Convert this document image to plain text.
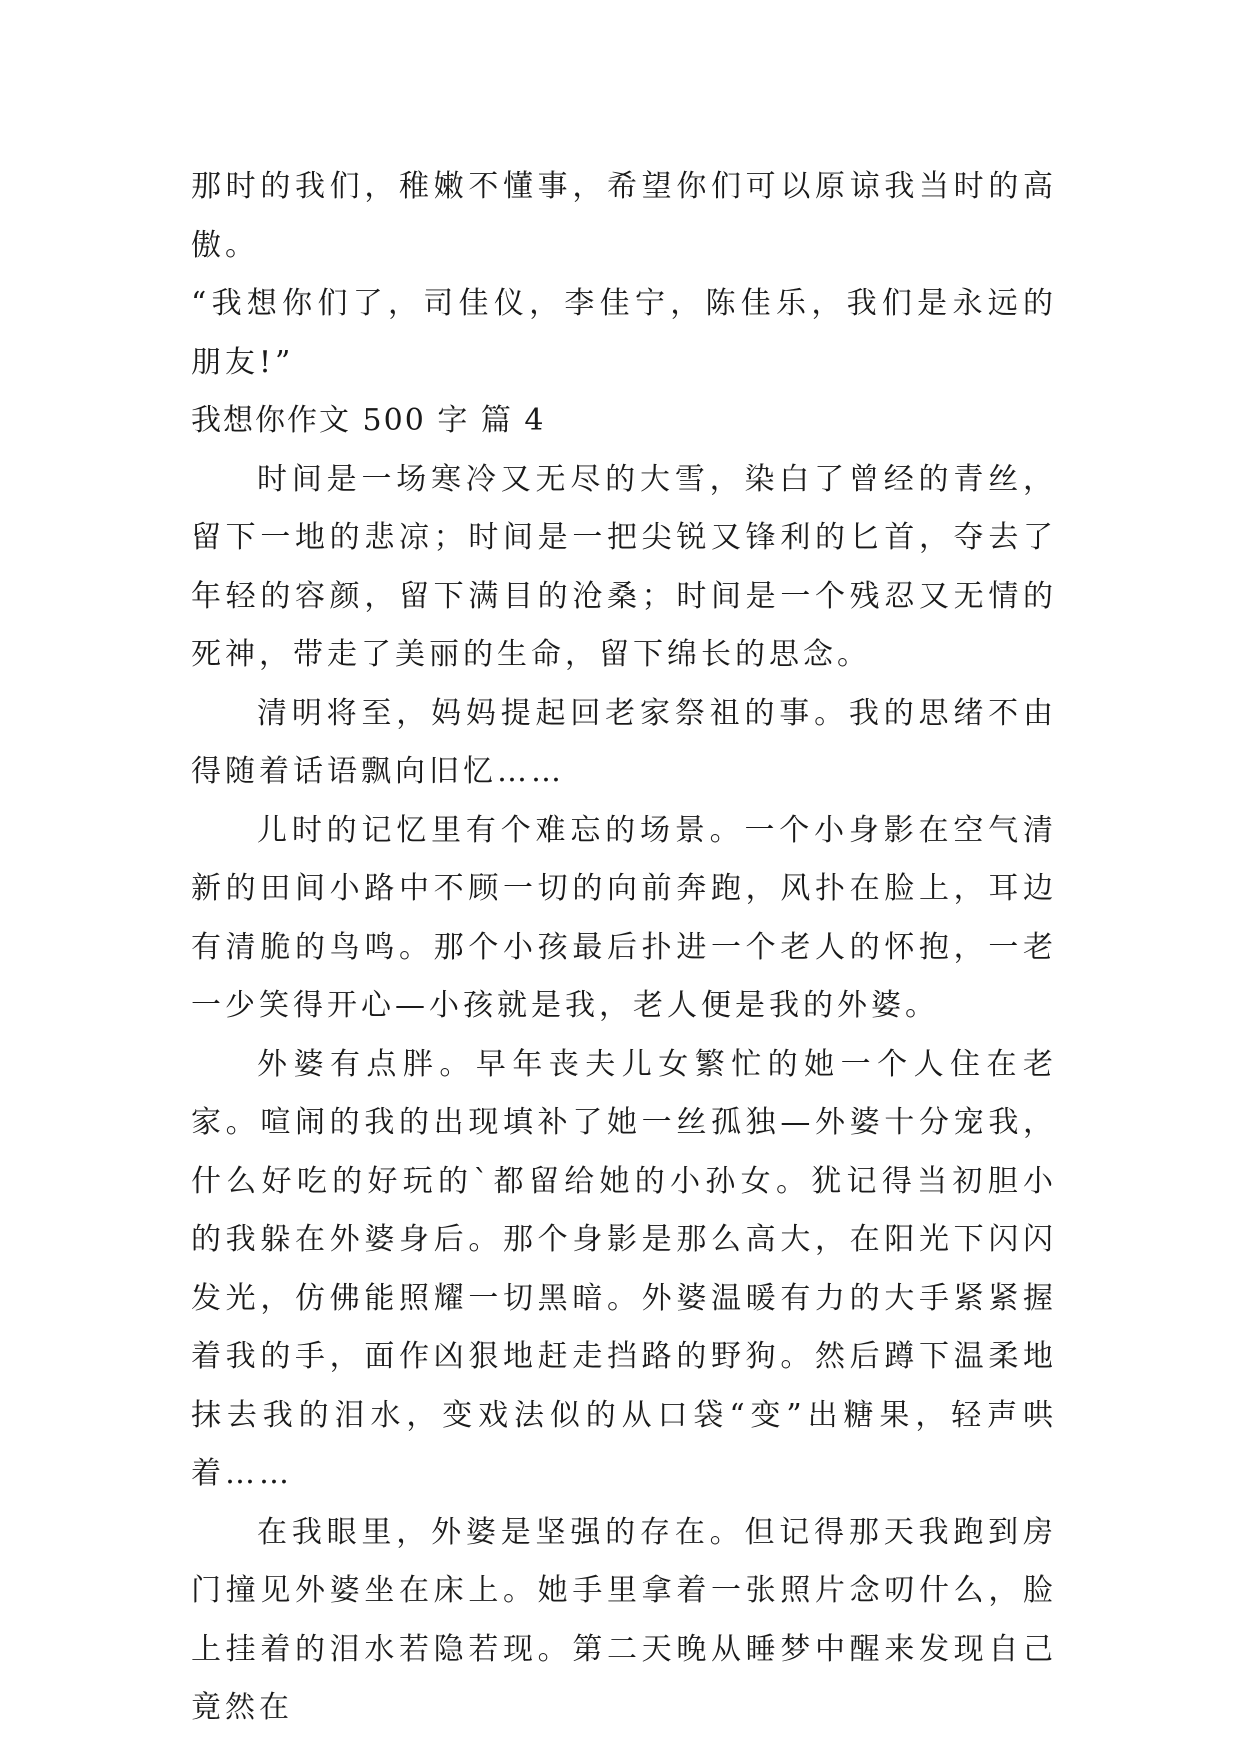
那时的我们，稚嫩不懂事，希望你们可以原谅我当时的高傲。

“我想你们了，司佳仪，李佳宁，陈佳乐，我们是永远的朋友!”

我想你作文 500 字 篇 4

时间是一场寒冷又无尽的大雪，染白了曾经的青丝，留下一地的悲凉；时间是一把尖锐又锋利的匕首，夺去了年轻的容颜，留下满目的沧桑；时间是一个残忍又无情的死神，带走了美丽的生命，留下绵长的思念。

清明将至，妈妈提起回老家祭祖的事。我的思绪不由得随着话语飘向旧忆……

儿时的记忆里有个难忘的场景。一个小身影在空气清新的田间小路中不顾一切的向前奔跑，风扑在脸上，耳边有清脆的鸟鸣。那个小孩最后扑进一个老人的怀抱，一老一少笑得开心—小孩就是我，老人便是我的外婆。

外婆有点胖。早年丧夫儿女繁忙的她一个人住在老家。喧闹的我的出现填补了她一丝孤独—外婆十分宠我，什么好吃的好玩的`都留给她的小孙女。犹记得当初胆小的我躲在外婆身后。那个身影是那么高大，在阳光下闪闪发光，仿佛能照耀一切黑暗。外婆温暖有力的大手紧紧握着我的手，面作凶狠地赶走挡路的野狗。然后蹲下温柔地抹去我的泪水，变戏法似的从口袋“变”出糖果，轻声哄着……

在我眼里，外婆是坚强的存在。但记得那天我跑到房门撞见外婆坐在床上。她手里拿着一张照片念叨什么，脸上挂着的泪水若隐若现。第二天晚从睡梦中醒来发现自己竟然在
